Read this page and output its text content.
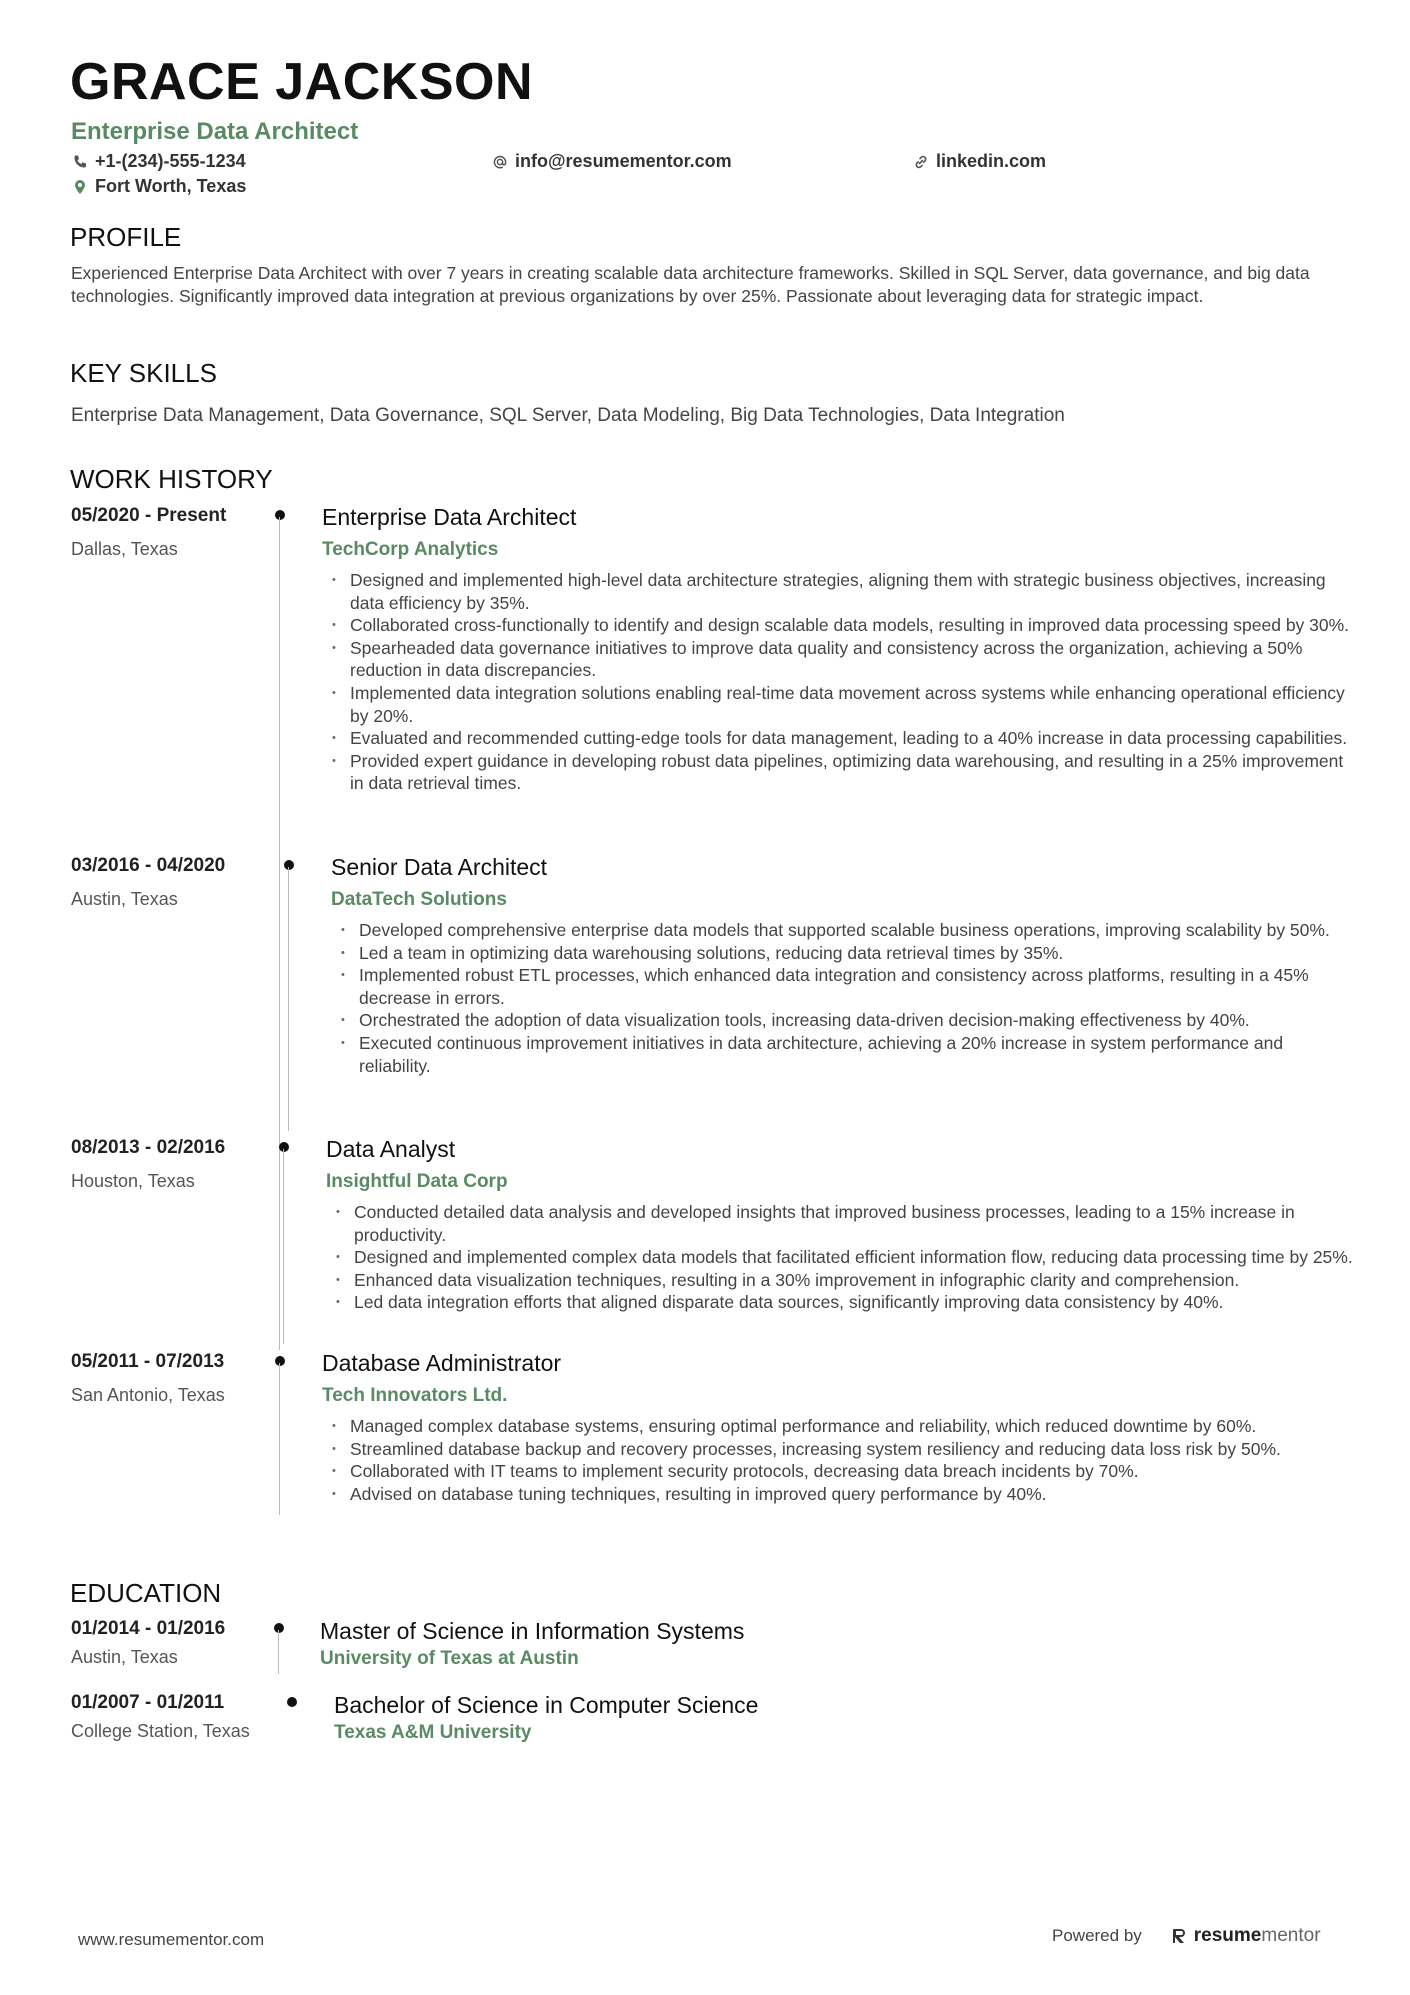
GRACE JACKSON
Enterprise Data Architect
+1-(234)-555-1234	info@resumementor.com	linkedin.com
Fort Worth, Texas
PROFILE
Experienced Enterprise Data Architect with over 7 years in creating scalable data architecture frameworks. Skilled in SQL Server, data governance, and big data technologies. Significantly improved data integration at previous organizations by over 25%. Passionate about leveraging data for strategic impact.
KEY SKILLS
Enterprise Data Management, Data Governance, SQL Server, Data Modeling, Big Data Technologies, Data Integration
WORK HISTORY
05/2020 - Present
Dallas, Texas
Enterprise Data Architect
TechCorp Analytics
• Designed and implemented high-level data architecture strategies, aligning them with strategic business objectives, increasing data efficiency by 35%.
• Collaborated cross-functionally to identify and design scalable data models, resulting in improved data processing speed by 30%.
• Spearheaded data governance initiatives to improve data quality and consistency across the organization, achieving a 50% reduction in data discrepancies.
• Implemented data integration solutions enabling real-time data movement across systems while enhancing operational efficiency by 20%.
• Evaluated and recommended cutting-edge tools for data management, leading to a 40% increase in data processing capabilities.
• Provided expert guidance in developing robust data pipelines, optimizing data warehousing, and resulting in a 25% improvement in data retrieval times.
03/2016 - 04/2020
Austin, Texas
Senior Data Architect
DataTech Solutions
• Developed comprehensive enterprise data models that supported scalable business operations, improving scalability by 50%.
• Led a team in optimizing data warehousing solutions, reducing data retrieval times by 35%.
• Implemented robust ETL processes, which enhanced data integration and consistency across platforms, resulting in a 45% decrease in errors.
• Orchestrated the adoption of data visualization tools, increasing data-driven decision-making effectiveness by 40%.
• Executed continuous improvement initiatives in data architecture, achieving a 20% increase in system performance and reliability.
08/2013 - 02/2016
Houston, Texas
Data Analyst
Insightful Data Corp
• Conducted detailed data analysis and developed insights that improved business processes, leading to a 15% increase in productivity.
• Designed and implemented complex data models that facilitated efficient information flow, reducing data processing time by 25%.
• Enhanced data visualization techniques, resulting in a 30% improvement in infographic clarity and comprehension.
• Led data integration efforts that aligned disparate data sources, significantly improving data consistency by 40%.
05/2011 - 07/2013
San Antonio, Texas
Database Administrator
Tech Innovators Ltd.
• Managed complex database systems, ensuring optimal performance and reliability, which reduced downtime by 60%.
• Streamlined database backup and recovery processes, increasing system resiliency and reducing data loss risk by 50%.
• Collaborated with IT teams to implement security protocols, decreasing data breach incidents by 70%.
• Advised on database tuning techniques, resulting in improved query performance by 40%.
EDUCATION
01/2014 - 01/2016
Austin, Texas
Master of Science in Information Systems
University of Texas at Austin
01/2007 - 01/2011
College Station, Texas
Bachelor of Science in Computer Science
Texas A&M University
www.resumementor.com	Powered by	resumementor
